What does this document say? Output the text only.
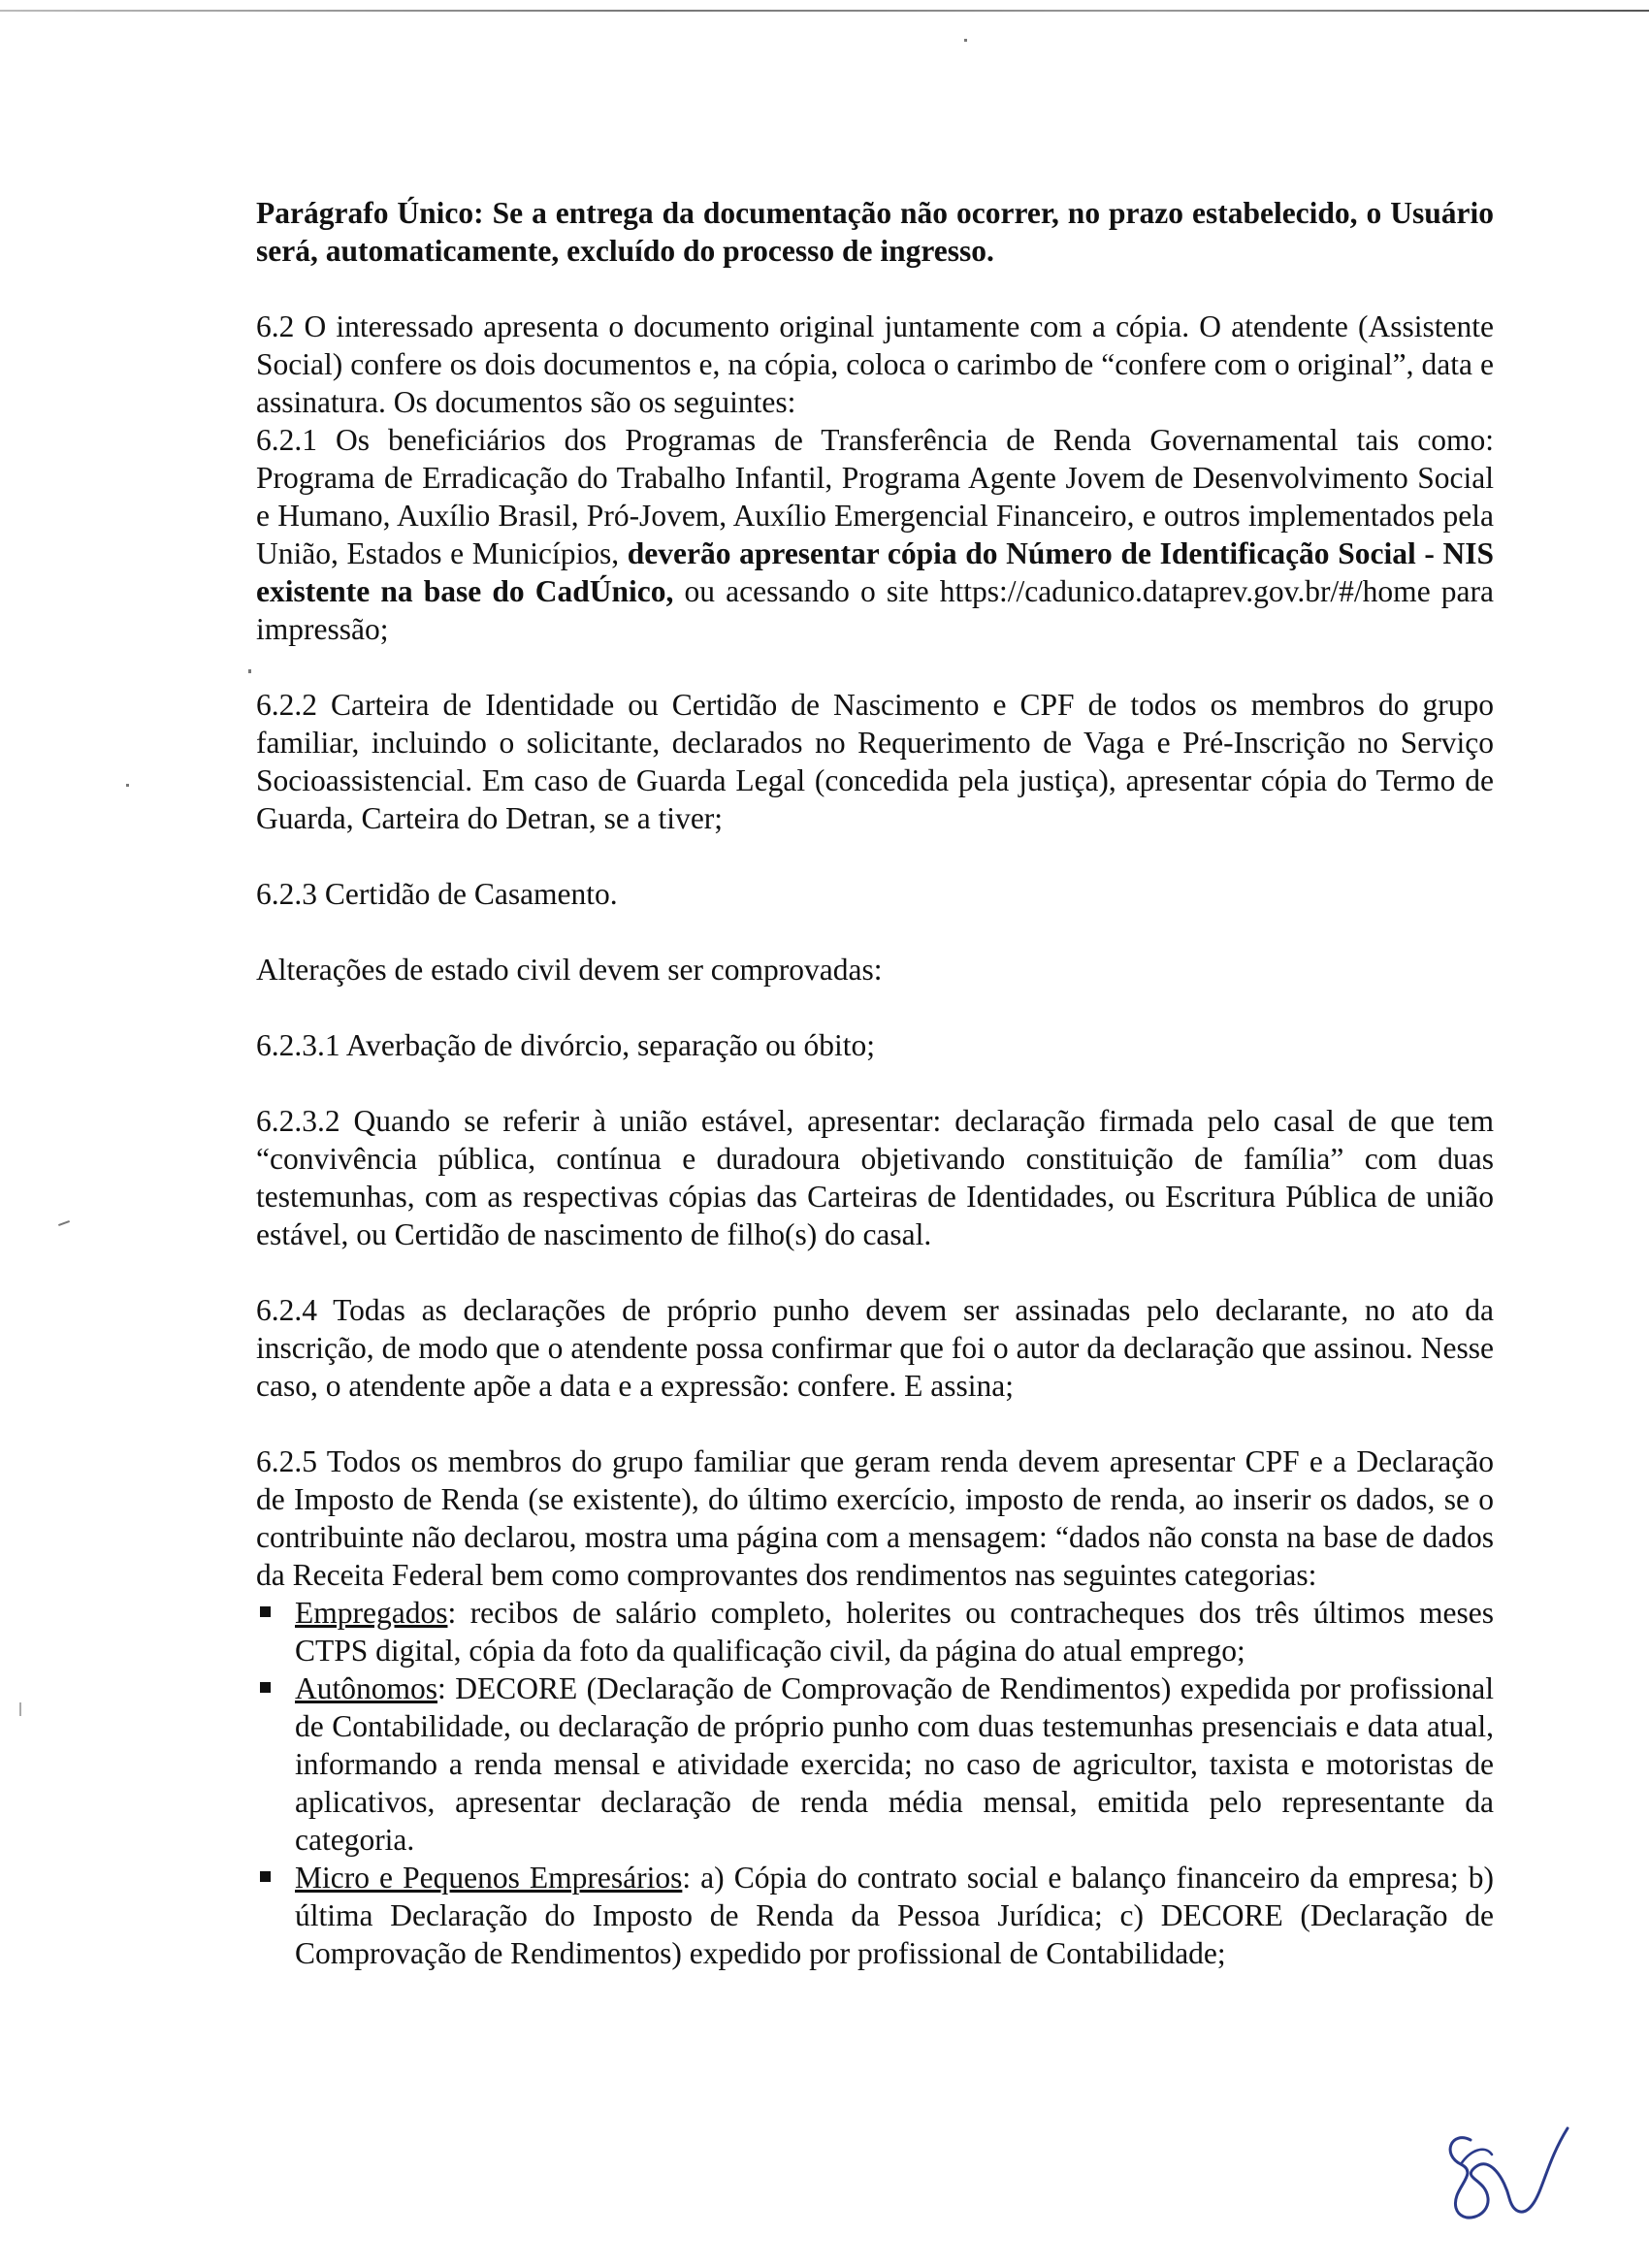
Parágrafo Único: Se a entrega da documentação não ocorrer, no prazo estabelecido, o Usuário será, automaticamente, excluído do processo de ingresso.

6.2 O interessado apresenta o documento original juntamente com a cópia. O atendente (Assistente Social) confere os dois documentos e, na cópia, coloca o carimbo de “confere com o original”, data e assinatura. Os documentos são os seguintes:

6.2.1 Os beneficiários dos Programas de Transferência de Renda Governamental tais como: Programa de Erradicação do Trabalho Infantil, Programa Agente Jovem de Desenvolvimento Social e Humano, Auxílio Brasil, Pró-Jovem, Auxílio Emergencial Financeiro, e outros implementados pela União, Estados e Municípios, deverão apresentar cópia do Número de Identificação Social - NIS existente na base do CadÚnico, ou acessando o site https://cadunico.dataprev.gov.br/#/home para impressão;

6.2.2 Carteira de Identidade ou Certidão de Nascimento e CPF de todos os membros do grupo familiar, incluindo o solicitante, declarados no Requerimento de Vaga e Pré-Inscrição no Serviço Socioassistencial. Em caso de Guarda Legal (concedida pela justiça), apresentar cópia do Termo de Guarda, Carteira do Detran, se a tiver;

6.2.3 Certidão de Casamento.

Alterações de estado civil devem ser comprovadas:

6.2.3.1 Averbação de divórcio, separação ou óbito;

6.2.3.2 Quando se referir à união estável, apresentar: declaração firmada pelo casal de que tem “convivência pública, contínua e duradoura objetivando constituição de família” com duas testemunhas, com as respectivas cópias das Carteiras de Identidades, ou Escritura Pública de união estável, ou Certidão de nascimento de filho(s) do casal.

6.2.4 Todas as declarações de próprio punho devem ser assinadas pelo declarante, no ato da inscrição, de modo que o atendente possa confirmar que foi o autor da declaração que assinou. Nesse caso, o atendente apõe a data e a expressão: confere. E assina;

6.2.5 Todos os membros do grupo familiar que geram renda devem apresentar CPF e a Declaração de Imposto de Renda (se existente), do último exercício, imposto de renda, ao inserir os dados, se o contribuinte não declarou, mostra uma página com a mensagem: “dados não consta na base de dados da Receita Federal bem como comprovantes dos rendimentos nas seguintes categorias:

Empregados: recibos de salário completo, holerites ou contracheques dos três últimos meses CTPS digital, cópia da foto da qualificação civil, da página do atual emprego;
Autônomos: DECORE (Declaração de Comprovação de Rendimentos) expedida por profissional de Contabilidade, ou declaração de próprio punho com duas testemunhas presenciais e data atual, informando a renda mensal e atividade exercida; no caso de agricultor, taxista e motoristas de aplicativos, apresentar declaração de renda média mensal, emitida pelo representante da categoria.
Micro e Pequenos Empresários: a) Cópia do contrato social e balanço financeiro da empresa; b) última Declaração do Imposto de Renda da Pessoa Jurídica; c) DECORE (Declaração de Comprovação de Rendimentos) expedido por profissional de Contabilidade;
